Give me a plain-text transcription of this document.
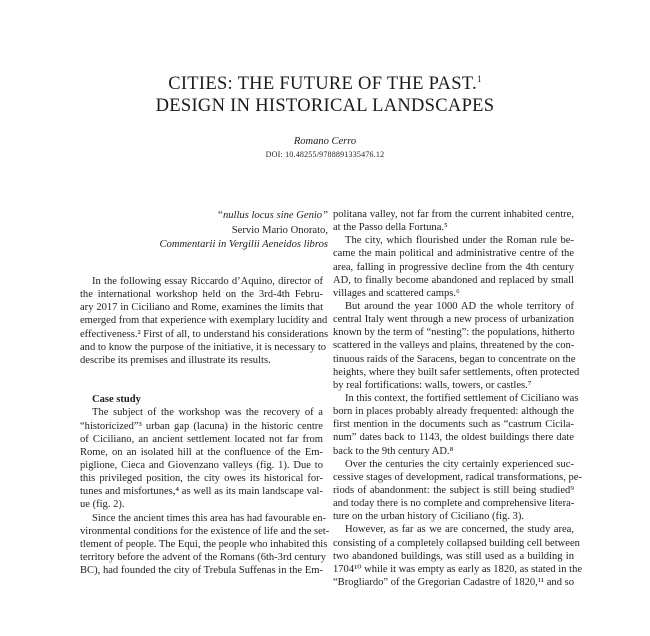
CITIES: THE FUTURE OF THE PAST.$^1$
DESIGN IN HISTORICAL LANDSCAPES
Romano Cerro
DOI: 10.48255/9788891335476.12
“nullus locus sine Genio”
Servio Mario Onorato,
Commentarii in Vergilii Aeneidos libros
In the following essay Riccardo d’Aquino, director of
the international workshop held on the 3rd-4th Febru-
ary 2017 in Ciciliano and Rome, examines the limits that
emerged from that experience with exemplary lucidity and
effectiveness.² First of all, to understand his considerations
and to know the purpose of the initiative, it is necessary to
describe its premises and illustrate its results.
Case study
The subject of the workshop was the recovery of a
“historicized”³ urban gap (lacuna) in the historic centre
of Ciciliano, an ancient settlement located not far from
Rome, on an isolated hill at the confluence of the Em-
piglione, Cieca and Giovenzano valleys (fig. 1). Due to
this privileged position, the city owes its historical for-
tunes and misfortunes,⁴ as well as its main landscape val-
ue (fig. 2).
Since the ancient times this area has had favourable en-
vironmental conditions for the existence of life and the set-
tlement of people. The Equi, the people who inhabited this
territory before the advent of the Romans (6th-3rd century
BC), had founded the city of Trebula Suffenas in the Em-
politana valley, not far from the current inhabited centre,
at the Passo della Fortuna.⁵
The city, which flourished under the Roman rule be-
came the main political and administrative centre of the
area, falling in progressive decline from the 4th century
AD, to finally become abandoned and replaced by small
villages and scattered camps.⁶
But around the year 1000 AD the whole territory of
central Italy went through a new process of urbanization
known by the term of “nesting”: the populations, hitherto
scattered in the valleys and plains, threatened by the con-
tinuous raids of the Saracens, began to concentrate on the
heights, where they built safer settlements, often protected
by real fortifications: walls, towers, or castles.⁷
In this context, the fortified settlement of Ciciliano was
born in places probably already frequented: although the
first mention in the documents such as “castrum Cicila-
num” dates back to 1143, the oldest buildings there date
back to the 9th century AD.⁸
Over the centuries the city certainly experienced suc-
cessive stages of development, radical transformations, pe-
riods of abandonment: the subject is still being studied⁹
and today there is no complete and comprehensive litera-
ture on the urban history of Ciciliano (fig. 3).
However, as far as we are concerned, the study area,
consisting of a completely collapsed building cell between
two abandoned buildings, was still used as a building in
1704¹⁰ while it was empty as early as 1820, as stated in the
“Brogliardo” of the Gregorian Cadastre of 1820,¹¹ and so
